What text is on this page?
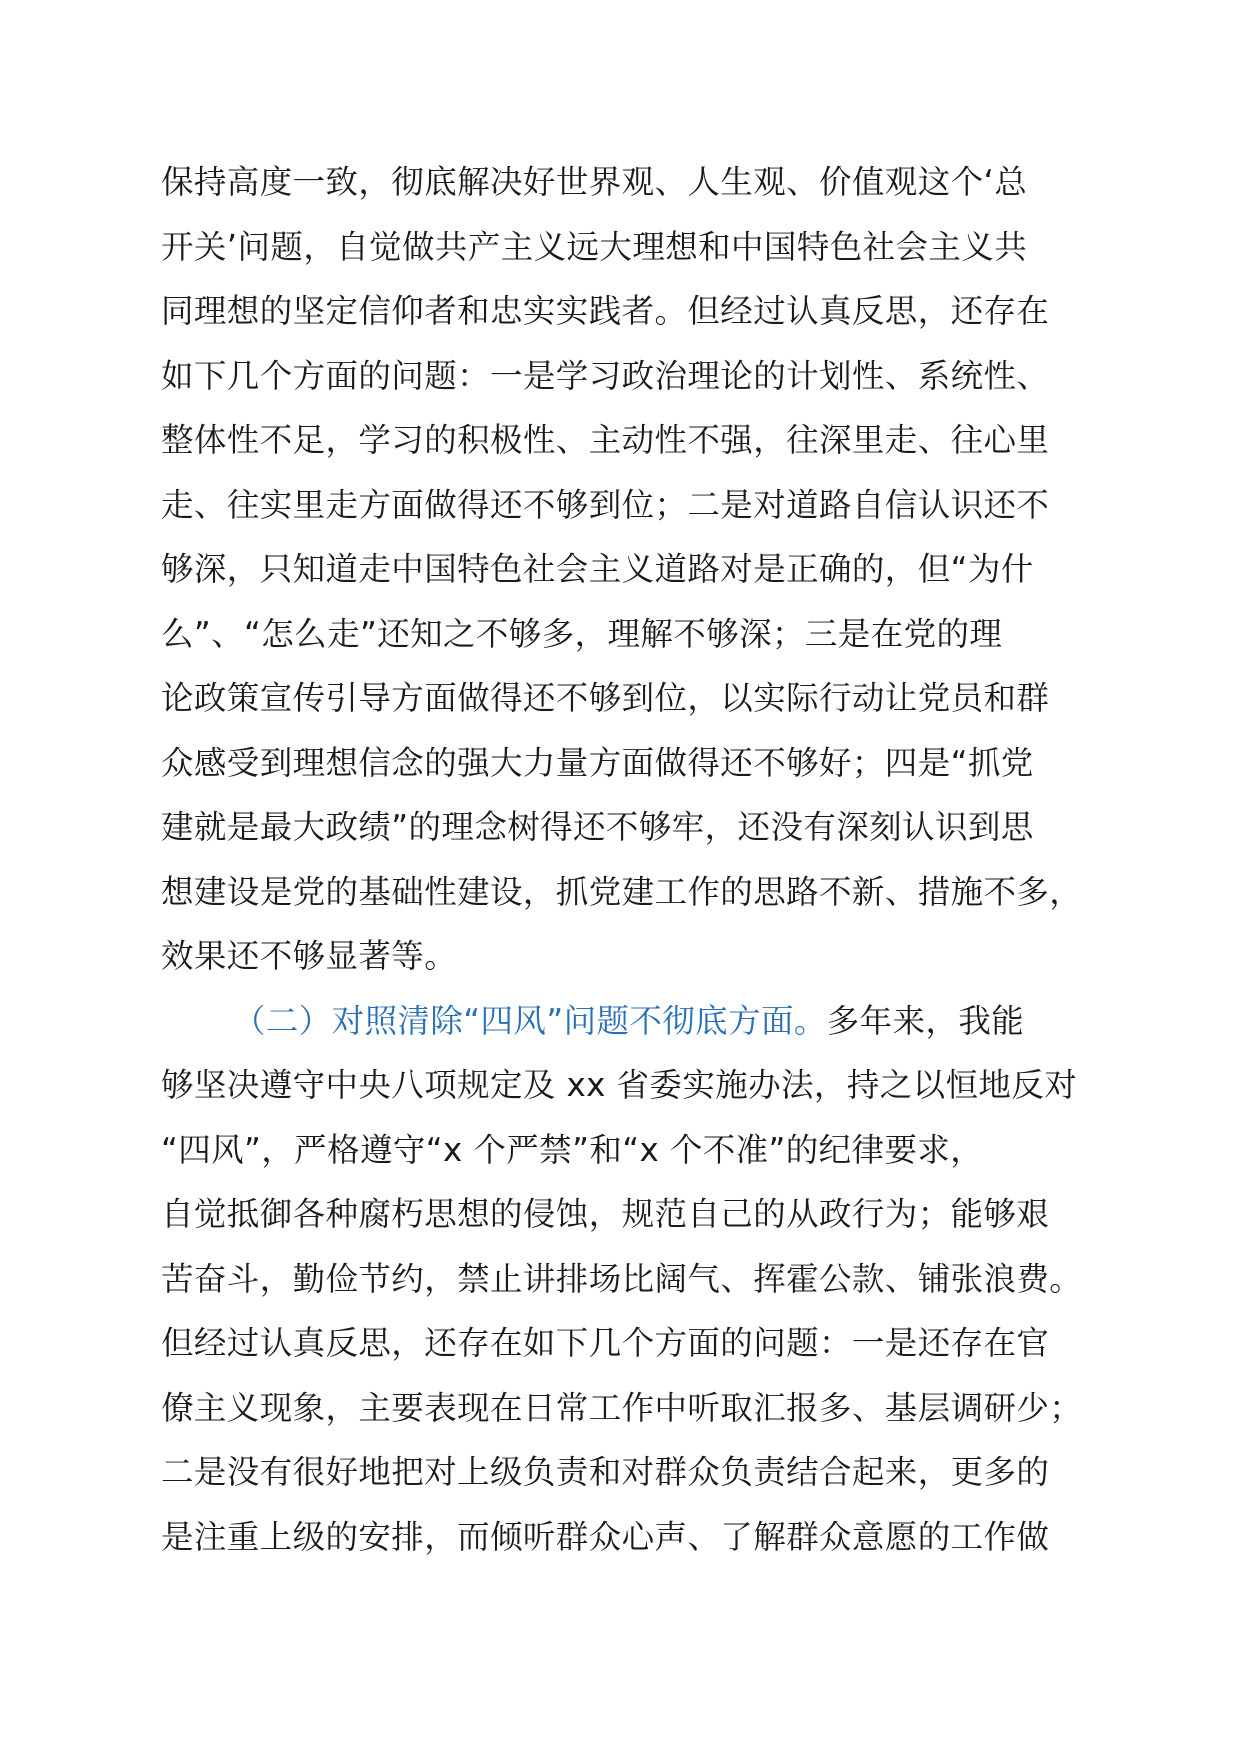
保持高度一致，彻底解决好世界观、人生观、价值观这个‘总
开关’问题，自觉做共产主义远大理想和中国特色社会主义共
同理想的坚定信仰者和忠实实践者。但经过认真反思，还存在
如下几个方面的问题：一是学习政治理论的计划性、系统性、
整体性不足，学习的积极性、主动性不强，往深里走、往心里
走、往实里走方面做得还不够到位；二是对道路自信认识还不
够深，只知道走中国特色社会主义道路对是正确的，但“为什
么”、“怎么走”还知之不够多，理解不够深；三是在党的理
论政策宣传引导方面做得还不够到位，以实际行动让党员和群
众感受到理想信念的强大力量方面做得还不够好；四是“抓党
建就是最大政绩”的理念树得还不够牢，还没有深刻认识到思
想建设是党的基础性建设，抓党建工作的思路不新、措施不多，
效果还不够显著等。
（二）对照清除“四风”问题不彻底方面。多年来，我能
够坚决遵守中央八项规定及 xx 省委实施办法，持之以恒地反对
“四风”，严格遵守“x 个严禁”和“x 个不准”的纪律要求，
自觉抵御各种腐朽思想的侵蚀，规范自己的从政行为；能够艰
苦奋斗，勤俭节约，禁止讲排场比阔气、挥霍公款、铺张浪费。
但经过认真反思，还存在如下几个方面的问题：一是还存在官
僚主义现象，主要表现在日常工作中听取汇报多、基层调研少；
二是没有很好地把对上级负责和对群众负责结合起来，更多的
是注重上级的安排，而倾听群众心声、了解群众意愿的工作做
